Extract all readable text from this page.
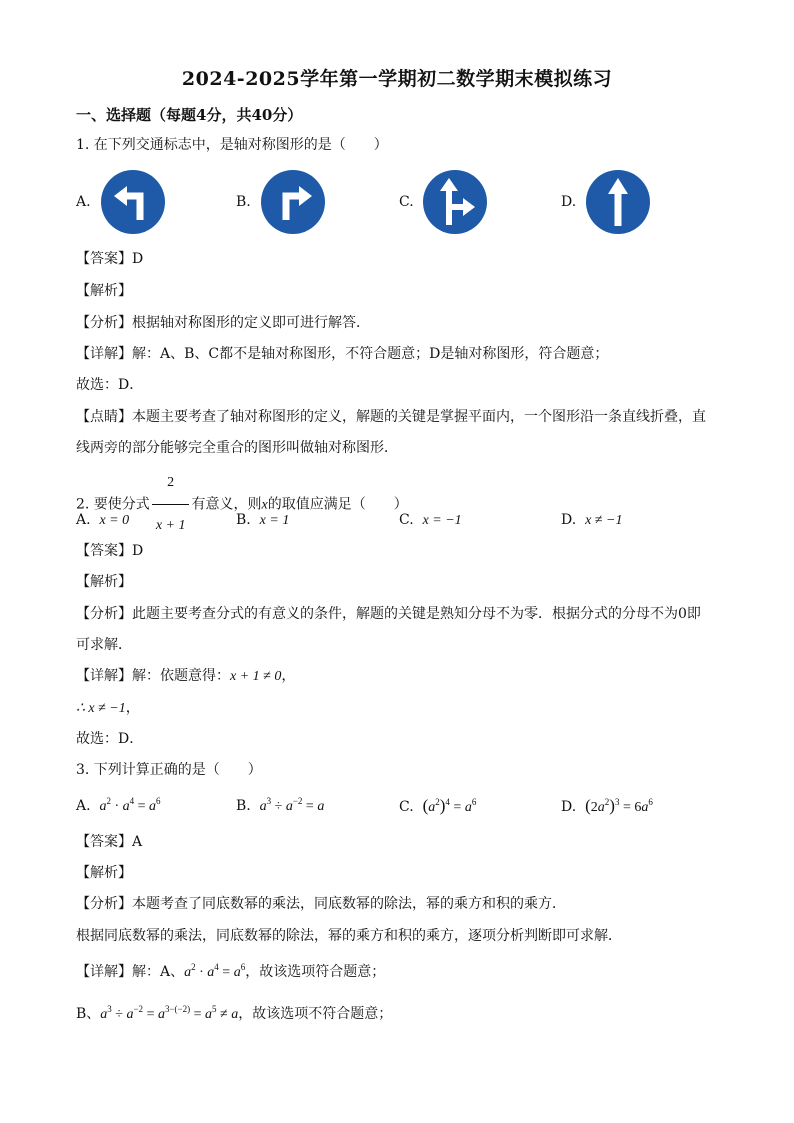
2024-2025学年第一学期初二数学期末模拟练习
一、选择题（每题4分，共40分）
1. 在下列交通标志中，是轴对称图形的是（　　）
A.	B.	C.	D.
【答案】D
【解析】
【分析】根据轴对称图形的定义即可进行解答．
【详解】解：A、B、C都不是轴对称图形，不符合题意；D是轴对称图形，符合题意；
故选：D．
【点睛】本题主要考查了轴对称图形的定义，解题的关键是掌握平面内，一个图形沿一条直线折叠，直
线两旁的部分能够完全重合的图形叫做轴对称图形．
2. 要使分式 $\frac{2}{x + 1}$ 有意义，则x的取值应满足（　　）
A. x = 0	B. x = 1	C. x = −1	D. x ≠ −1
【答案】D
【解析】
【分析】此题主要考查分式的有意义的条件，解题的关键是熟知分母不为零．根据分式的分母不为0即
可求解．
【详解】解：依题意得：x + 1 ≠ 0，
∴ x ≠ −1，
故选：D．
3. 下列计算正确的是（　　）
A. $a^2 \cdot a^4 = a^6$	B. $a^3 \div a^{-2} = a$	C. $(a^2)^4 = a^6$	D. $(2a^2)^3 = 6a^6$
【答案】A
【解析】
【分析】本题考查了同底数幂的乘法，同底数幂的除法，幂的乘方和积的乘方．
根据同底数幂的乘法，同底数幂的除法，幂的乘方和积的乘方，逐项分析判断即可求解．
【详解】解：A、$a^2 \cdot a^4 = a^6$，故该选项符合题意；
B、$a^3 \div a^{-2} = a^{3-(-2)} = a^5 \ne a$，故该选项不符合题意；
